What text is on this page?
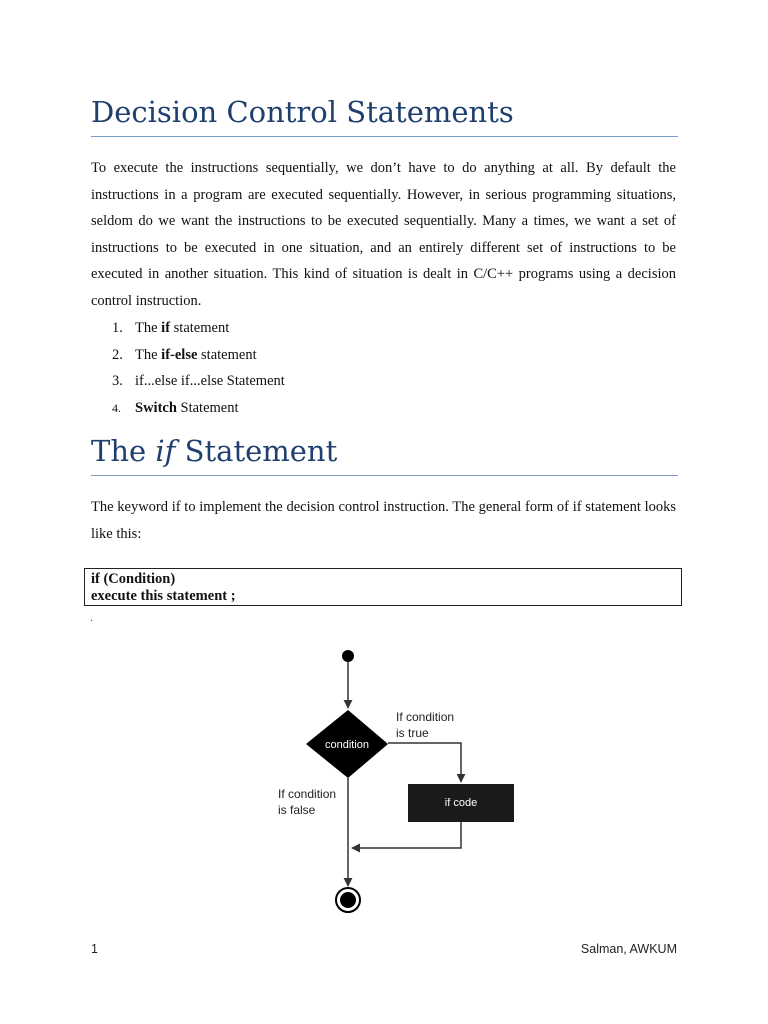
Decision Control Statements

To execute the instructions sequentially, we don’t have to do anything at all. By default the instructions in a program are executed sequentially. However, in serious programming situations, seldom do we want the instructions to be executed sequentially. Many a times, we want a set of instructions to be executed in one situation, and an entirely different set of instructions to be executed in another situation. This kind of situation is dealt in C/C++ programs using a decision control instruction.

1. The if statement
2. The if-else statement
3. if...else if...else Statement
4. Switch Statement
The if Statement

The keyword if to implement the decision control instruction. The general form of if statement looks like this:

if (Condition)
execute this statement ;
.
condition
If condition
is true
if code
If condition
is false
1	Salman, AWKUM
